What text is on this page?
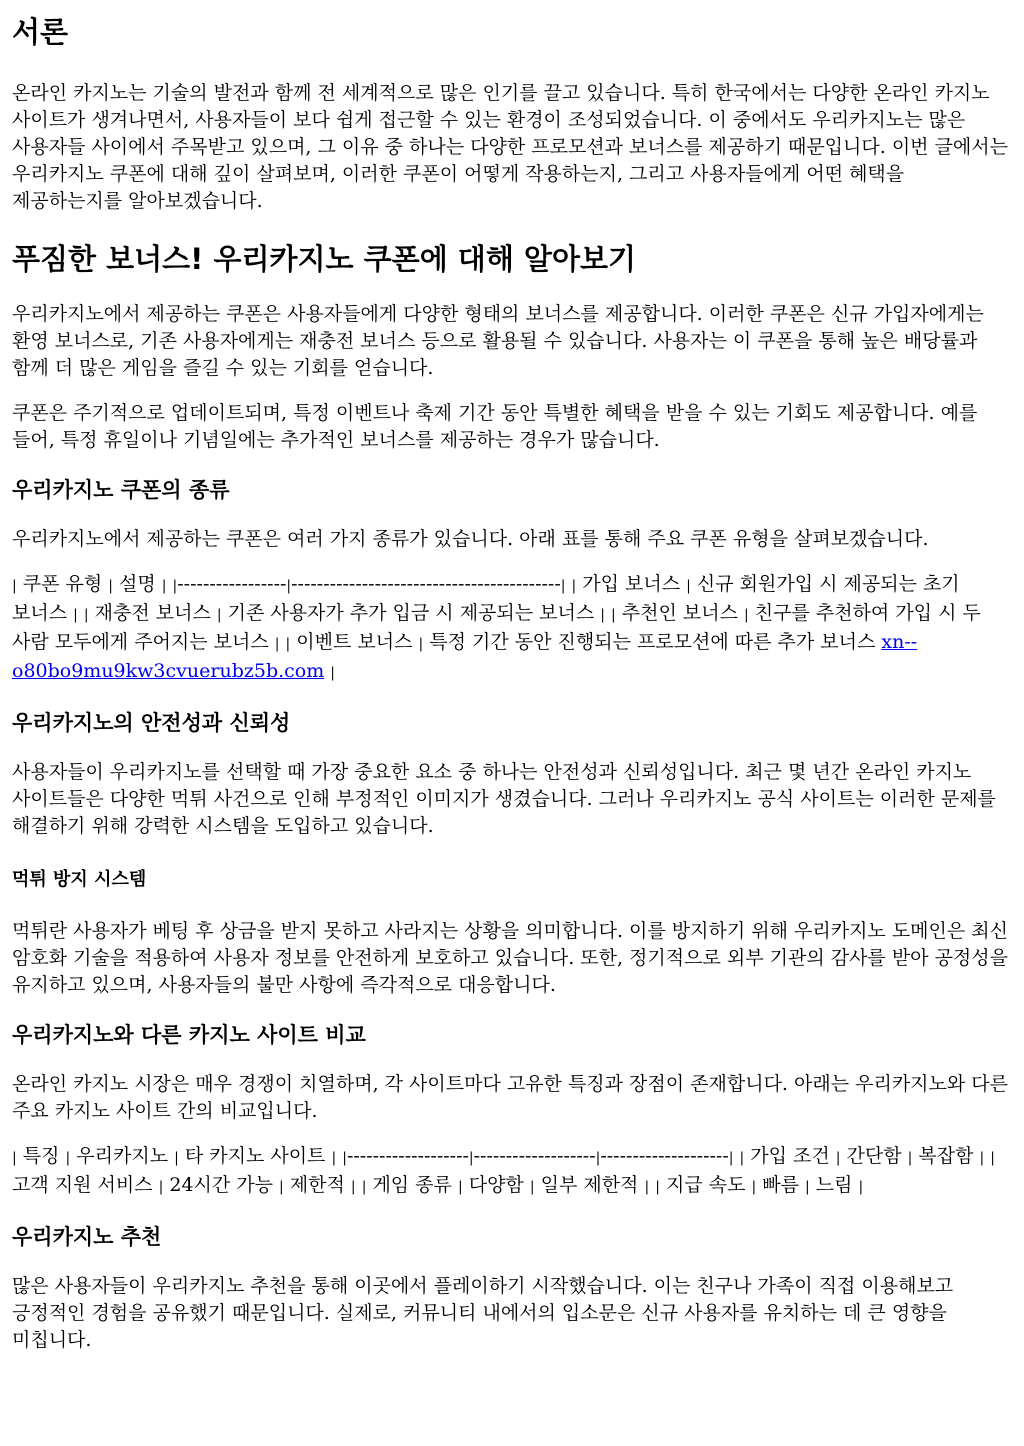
서론

온라인 카지노는 기술의 발전과 함께 전 세계적으로 많은 인기를 끌고 있습니다. 특히 한국에서는 다양한 온라인 카지노 사이트가 생겨나면서, 사용자들이 보다 쉽게 접근할 수 있는 환경이 조성되었습니다. 이 중에서도 우리카지노는 많은 사용자들 사이에서 주목받고 있으며, 그 이유 중 하나는 다양한 프로모션과 보너스를 제공하기 때문입니다. 이번 글에서는 우리카지노 쿠폰에 대해 깊이 살펴보며, 이러한 쿠폰이 어떻게 작용하는지, 그리고 사용자들에게 어떤 혜택을 제공하는지를 알아보겠습니다.

푸짐한 보너스! 우리카지노 쿠폰에 대해 알아보기

우리카지노에서 제공하는 쿠폰은 사용자들에게 다양한 형태의 보너스를 제공합니다. 이러한 쿠폰은 신규 가입자에게는 환영 보너스로, 기존 사용자에게는 재충전 보너스 등으로 활용될 수 있습니다. 사용자는 이 쿠폰을 통해 높은 배당률과 함께 더 많은 게임을 즐길 수 있는 기회를 얻습니다.

쿠폰은 주기적으로 업데이트되며, 특정 이벤트나 축제 기간 동안 특별한 혜택을 받을 수 있는 기회도 제공합니다. 예를 들어, 특정 휴일이나 기념일에는 추가적인 보너스를 제공하는 경우가 많습니다.

우리카지노 쿠폰의 종류

우리카지노에서 제공하는 쿠폰은 여러 가지 종류가 있습니다. 아래 표를 통해 주요 쿠폰 유형을 살펴보겠습니다.

| 쿠폰 유형 | 설명 | |-----------------|------------------------------------------| | 가입 보너스 | 신규 회원가입 시 제공되는 초기 보너스 | | 재충전 보너스 | 기존 사용자가 추가 입금 시 제공되는 보너스 | | 추천인 보너스 | 친구를 추천하여 가입 시 두 사람 모두에게 주어지는 보너스 | | 이벤트 보너스 | 특정 기간 동안 진행되는 프로모션에 따른 추가 보너스 xn--o80bo9mu9kw3cvuerubz5b.com |

우리카지노의 안전성과 신뢰성

사용자들이 우리카지노를 선택할 때 가장 중요한 요소 중 하나는 안전성과 신뢰성입니다. 최근 몇 년간 온라인 카지노 사이트들은 다양한 먹튀 사건으로 인해 부정적인 이미지가 생겼습니다. 그러나 우리카지노 공식 사이트는 이러한 문제를 해결하기 위해 강력한 시스템을 도입하고 있습니다.

먹튀 방지 시스템

먹튀란 사용자가 베팅 후 상금을 받지 못하고 사라지는 상황을 의미합니다. 이를 방지하기 위해 우리카지노 도메인은 최신 암호화 기술을 적용하여 사용자 정보를 안전하게 보호하고 있습니다. 또한, 정기적으로 외부 기관의 감사를 받아 공정성을 유지하고 있으며, 사용자들의 불만 사항에 즉각적으로 대응합니다.

우리카지노와 다른 카지노 사이트 비교

온라인 카지노 시장은 매우 경쟁이 치열하며, 각 사이트마다 고유한 특징과 장점이 존재합니다. 아래는 우리카지노와 다른 주요 카지노 사이트 간의 비교입니다.

| 특징 | 우리카지노 | 타 카지노 사이트 | |-------------------|-------------------|--------------------| | 가입 조건 | 간단함 | 복잡함 | | 고객 지원 서비스 | 24시간 가능 | 제한적 | | 게임 종류 | 다양함 | 일부 제한적 | | 지급 속도 | 빠름 | 느림 |

우리카지노 추천

많은 사용자들이 우리카지노 추천을 통해 이곳에서 플레이하기 시작했습니다. 이는 친구나 가족이 직접 이용해보고 긍정적인 경험을 공유했기 때문입니다. 실제로, 커뮤니티 내에서의 입소문은 신규 사용자를 유치하는 데 큰 영향을 미칩니다.
